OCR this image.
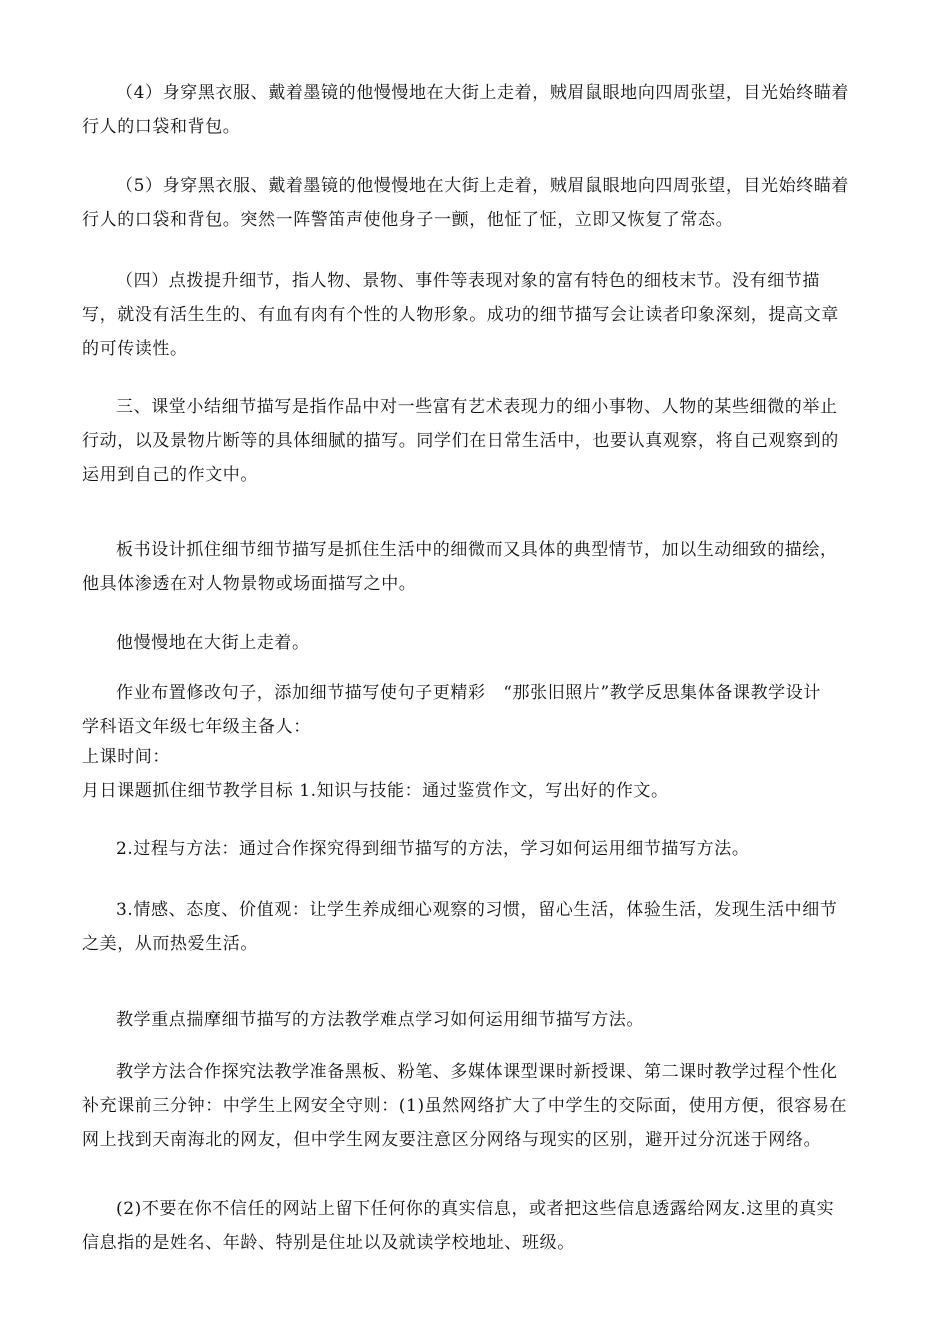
（4）身穿黑衣服、戴着墨镜的他慢慢地在大街上走着，贼眉鼠眼地向四周张望，目光始终瞄着
行人的口袋和背包。

（5）身穿黑衣服、戴着墨镜的他慢慢地在大街上走着，贼眉鼠眼地向四周张望，目光始终瞄着
行人的口袋和背包。突然一阵警笛声使他身子一颤，他怔了怔，立即又恢复了常态。

（四）点拨提升细节，指人物、景物、事件等表现对象的富有特色的细枝末节。没有细节描
写，就没有活生生的、有血有肉有个性的人物形象。成功的细节描写会让读者印象深刻，提高文章
的可传读性。

三、课堂小结细节描写是指作品中对一些富有艺术表现力的细小事物、人物的某些细微的举止
行动，以及景物片断等的具体细腻的描写。同学们在日常生活中，也要认真观察，将自己观察到的
运用到自己的作文中。

板书设计抓住细节细节描写是抓住生活中的细微而又具体的典型情节，加以生动细致的描绘，
他具体渗透在对人物景物或场面描写之中。

他慢慢地在大街上走着。

作业布置修改句子，添加细节描写使句子更精彩　“那张旧照片”教学反思集体备课教学设计
学科语文年级七年级主备人：

上课时间：

月日课题抓住细节教学目标 1.知识与技能：通过鉴赏作文，写出好的作文。

2.过程与方法：通过合作探究得到细节描写的方法，学习如何运用细节描写方法。

3.情感、态度、价值观：让学生养成细心观察的习惯，留心生活，体验生活，发现生活中细节
之美，从而热爱生活。

教学重点揣摩细节描写的方法教学难点学习如何运用细节描写方法。

教学方法合作探究法教学准备黑板、粉笔、多媒体课型课时新授课、第二课时教学过程个性化
补充课前三分钟：中学生上网安全守则：(1)虽然网络扩大了中学生的交际面，使用方便，很容易在
网上找到天南海北的网友，但中学生网友要注意区分网络与现实的区别，避开过分沉迷于网络。

(2)不要在你不信任的网站上留下任何你的真实信息，或者把这些信息透露给网友.这里的真实
信息指的是姓名、年龄、特别是住址以及就读学校地址、班级。
